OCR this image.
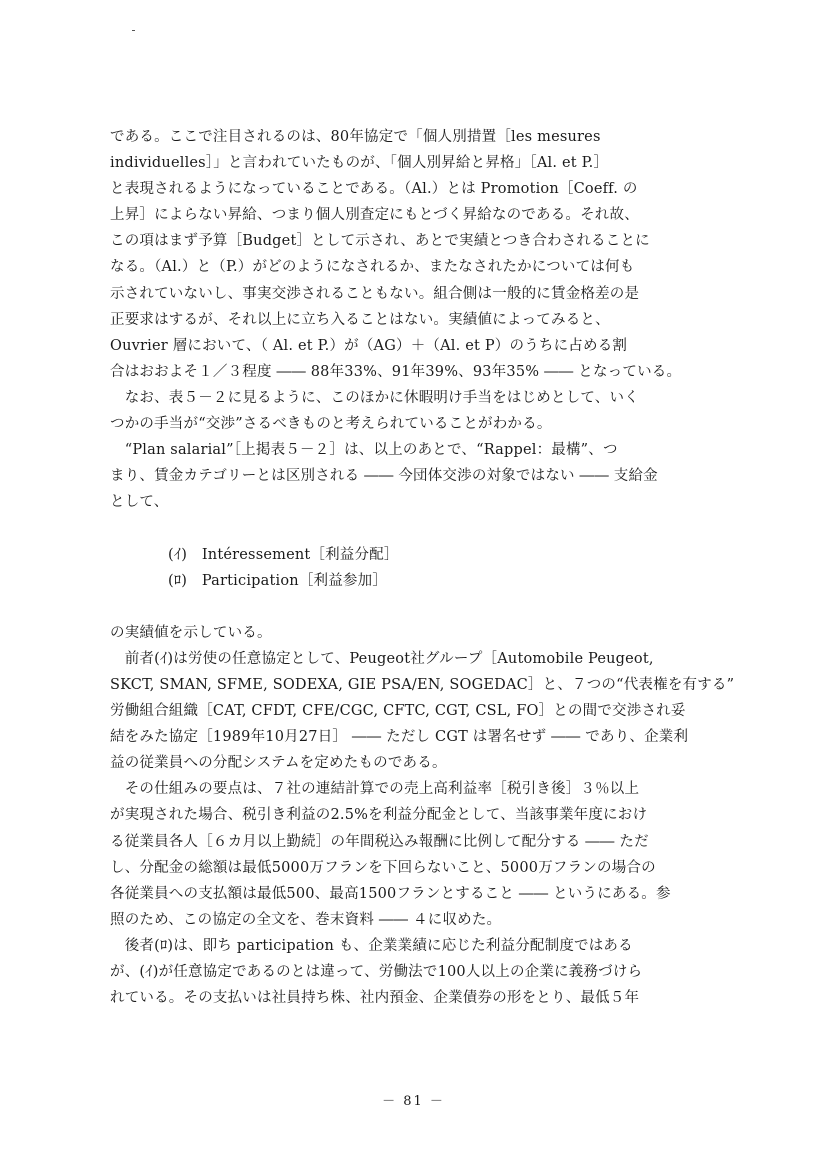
である。ここで注目されるのは、80年協定で「個人別措置［les mesures
individuelles］」と言われていたものが、「個人別昇給と昇格」［Al. et P.］
と表現されるようになっていることである。（Al.）とは Promotion［Coeff. の
上昇］によらない昇給、つまり個人別査定にもとづく昇給なのである。それ故、
この項はまず予算［Budget］として示され、あとで実績とつき合わされることに
なる。（Al.）と（P.）がどのようになされるか、またなされたかについては何も
示されていないし、事実交渉されることもない。組合側は一般的に賃金格差の是
正要求はするが、それ以上に立ち入ることはない。実績値によってみると、
Ouvrier 層において、（ Al. et P.）が（AG）＋（Al. et P）のうちに占める割
合はおおよそ１／３程度 ―― 88年33%、91年39%、93年35% ―― となっている。
　なお、表５－２に見るように、このほかに休暇明け手当をはじめとして、いく
つかの手当が“交渉”さるべきものと考えられていることがわかる。
　“Plan salarial”［上掲表５－２］は、以上のあとで、“Rappel：最構”、つ
まり、賃金カテゴリーとは区別される ―― 今団体交渉の対象ではない ―― 支給金
として、
(ｲ)　Intéressement［利益分配］
(ﾛ)　Participation［利益参加］
の実績値を示している。
　前者(ｲ)は労使の任意協定として、Peugeot社グループ［Automobile Peugeot,
SKCT, SMAN, SFME, SODEXA, GIE PSA/EN, SOGEDAC］と、７つの“代表権を有する”
労働組合組織［CAT, CFDT, CFE/CGC, CFTC, CGT, CSL, FO］との間で交渉され妥
結をみた協定［1989年10月27日］ ―― ただし CGT は署名せず ―― であり、企業利
益の従業員への分配システムを定めたものである。
　その仕組みの要点は、７社の連結計算での売上高利益率［税引き後］３％以上
が実現された場合、税引き利益の2.5%を利益分配金として、当該事業年度におけ
る従業員各人［６カ月以上勤続］の年間税込み報酬に比例して配分する ―― ただ
し、分配金の総額は最低5000万フランを下回らないこと、5000万フランの場合の
各従業員への支払額は最低500、最高1500フランとすること ―― というにある。参
照のため、この協定の全文を、巻末資料 ―― ４に収めた。
　後者(ﾛ)は、即ち participation も、企業業績に応じた利益分配制度ではある
が、(ｲ)が任意協定であるのとは違って、労働法で100人以上の企業に義務づけら
れている。その支払いは社員持ち株、社内預金、企業債券の形をとり、最低５年
－ 81 －
